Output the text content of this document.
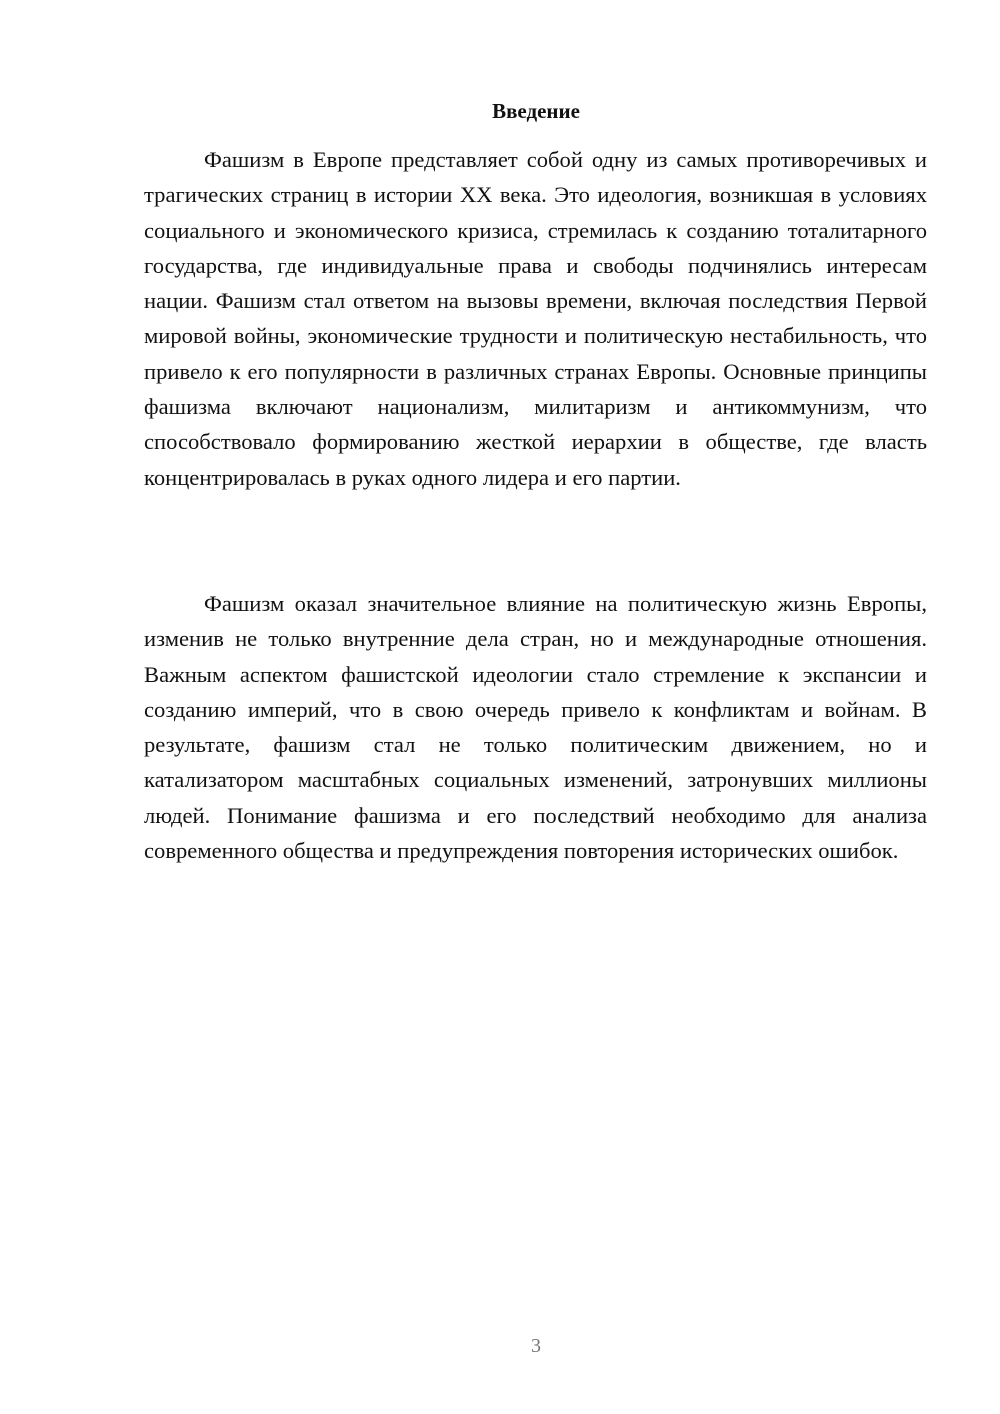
Введение

Фашизм в Европе представляет собой одну из самых противоречивых и трагических страниц в истории XX века. Это идеология, возникшая в условиях социального и экономического кризиса, стремилась к созданию тоталитарного государства, где индивидуальные права и свободы подчинялись интересам нации. Фашизм стал ответом на вызовы времени, включая последствия Первой мировой войны, экономические трудности и политическую нестабильность, что привело к его популярности в различных странах Европы. Основные принципы фашизма включают национализм, милитаризм и антикоммунизм, что способствовало формированию жесткой иерархии в обществе, где власть концентрировалась в руках одного лидера и его партии.

Фашизм оказал значительное влияние на политическую жизнь Европы, изменив не только внутренние дела стран, но и международные отношения. Важным аспектом фашистской идеологии стало стремление к экспансии и созданию империй, что в свою очередь привело к конфликтам и войнам. В результате, фашизм стал не только политическим движением, но и катализатором масштабных социальных изменений, затронувших миллионы людей. Понимание фашизма и его последствий необходимо для анализа современного общества и предупреждения повторения исторических ошибок.

3
